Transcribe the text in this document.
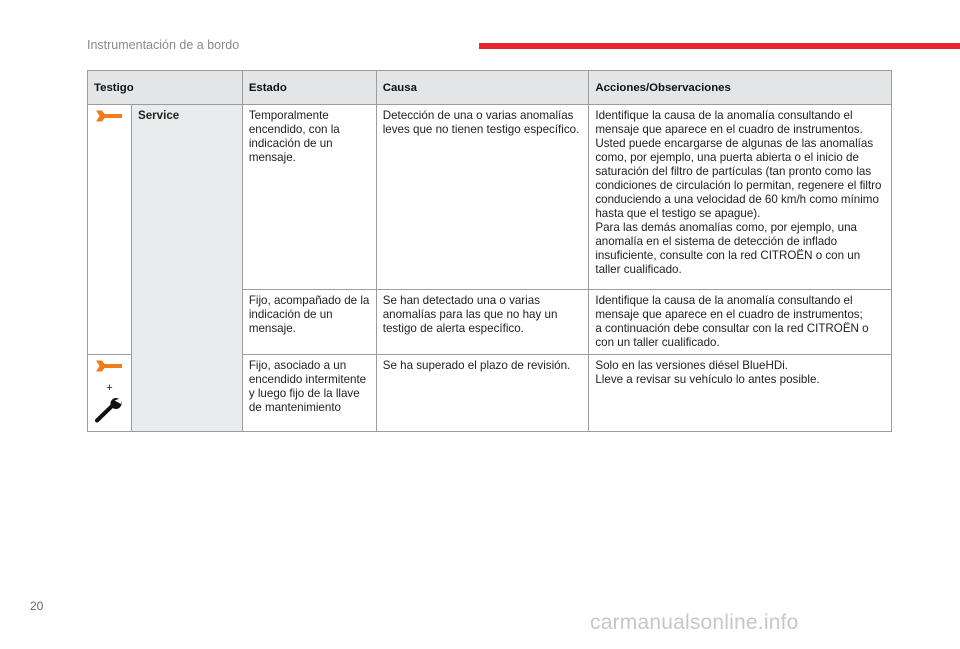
Instrumentación de a bordo
Testigo		Estado	Causa	Acciones/Observaciones
	Service	Temporalmente encendido, con la indicación de un mensaje.	Detección de una o varias anomalías leves que no tienen testigo específico.	Identifique la causa de la anomalía consultando el mensaje que aparece en el cuadro de instrumentos.
Usted puede encargarse de algunas de las anomalías como, por ejemplo, una puerta abierta o el inicio de saturación del filtro de partículas (tan pronto como las condiciones de circulación lo permitan, regenere el filtro conduciendo a una velocidad de 60 km/h como mínimo hasta que el testigo se apague).
Para las demás anomalías como, por ejemplo, una anomalía en el sistema de detección de inflado insuficiente, consulte con la red CITROËN o con un taller cualificado.

		Fijo, acompañado de la indicación de un mensaje.	Se han detectado una o varias anomalías para las que no hay un testigo de alerta específico.	Identifique la causa de la anomalía consultando el mensaje que aparece en el cuadro de instrumentos;
a continuación debe consultar con la red CITROËN o con un taller cualificado.

+		Fijo, asociado a un encendido intermitente y luego fijo de la llave de mantenimiento	Se ha superado el plazo de revisión.	Solo en las versiones diésel BlueHDi.
Lleve a revisar su vehículo lo antes posible.
20
carmanualsonline.info
